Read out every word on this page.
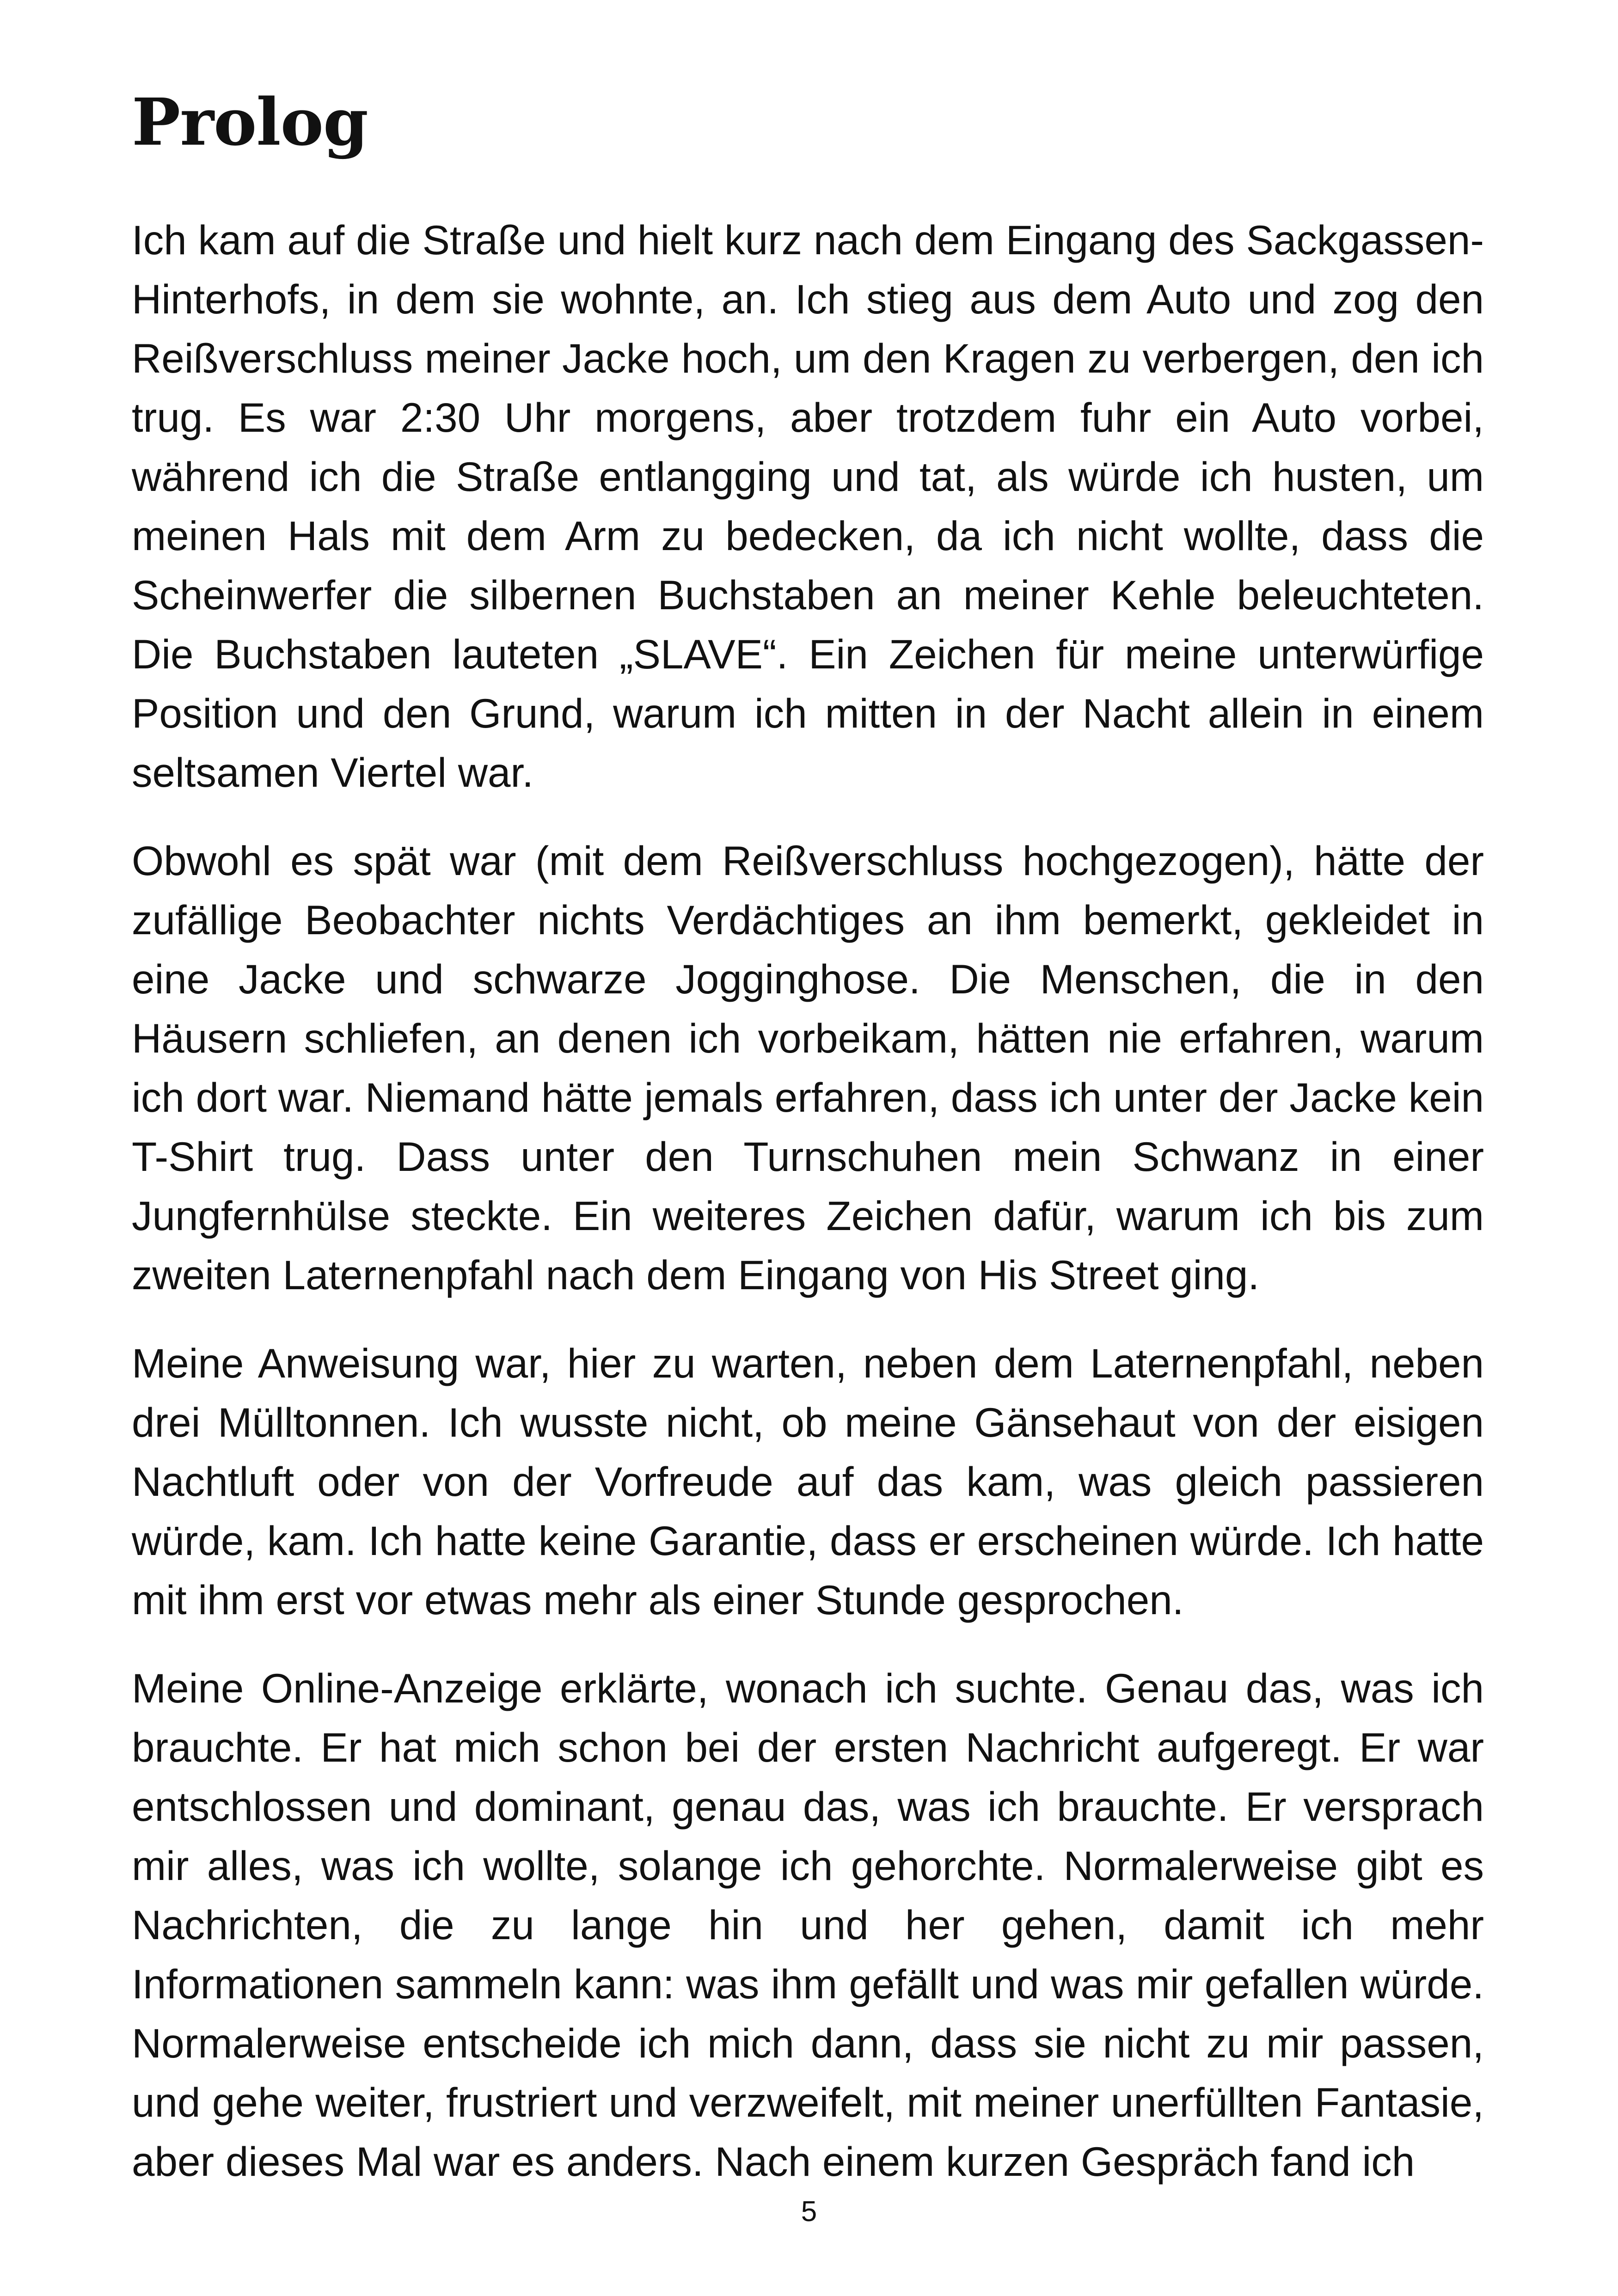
Prolog

Ich kam auf die Straße und hielt kurz nach dem Eingang des Sackgassen-Hinterhofs, in dem sie wohnte, an. Ich stieg aus dem Auto und zog den Reißverschluss meiner Jacke hoch, um den Kragen zu verbergen, den ich trug. Es war 2:30 Uhr morgens, aber trotzdem fuhr ein Auto vorbei, während ich die Straße entlangging und tat, als würde ich husten, um meinen Hals mit dem Arm zu bedecken, da ich nicht wollte, dass die Scheinwerfer die silbernen Buchstaben an meiner Kehle beleuchteten. Die Buchstaben lauteten „SLAVE“. Ein Zeichen für meine unterwürfige Position und den Grund, warum ich mitten in der Nacht allein in einem seltsamen Viertel war.

Obwohl es spät war (mit dem Reißverschluss hochgezogen), hätte der zufällige Beobachter nichts Verdächtiges an ihm bemerkt, gekleidet in eine Jacke und schwarze Jogginghose. Die Menschen, die in den Häusern schliefen, an denen ich vorbeikam, hätten nie erfahren, warum ich dort war. Niemand hätte jemals erfahren, dass ich unter der Jacke kein T-Shirt trug. Dass unter den Turnschuhen mein Schwanz in einer Jungfernhülse steckte. Ein weiteres Zeichen dafür, warum ich bis zum zweiten Laternenpfahl nach dem Eingang von His Street ging.

Meine Anweisung war, hier zu warten, neben dem Laternenpfahl, neben drei Mülltonnen. Ich wusste nicht, ob meine Gänsehaut von der eisigen Nachtluft oder von der Vorfreude auf das kam, was gleich passieren würde, kam. Ich hatte keine Garantie, dass er erscheinen würde. Ich hatte mit ihm erst vor etwas mehr als einer Stunde gesprochen.

Meine Online-Anzeige erklärte, wonach ich suchte. Genau das, was ich brauchte. Er hat mich schon bei der ersten Nachricht aufgeregt. Er war entschlossen und dominant, genau das, was ich brauchte. Er versprach mir alles, was ich wollte, solange ich gehorchte. Normalerweise gibt es Nachrichten, die zu lange hin und her gehen, damit ich mehr Informationen sammeln kann: was ihm gefällt und was mir gefallen würde. Normalerweise entscheide ich mich dann, dass sie nicht zu mir passen, und gehe weiter, frustriert und verzweifelt, mit meiner unerfüllten Fantasie, aber dieses Mal war es anders. Nach einem kurzen Gespräch fand ich

5
